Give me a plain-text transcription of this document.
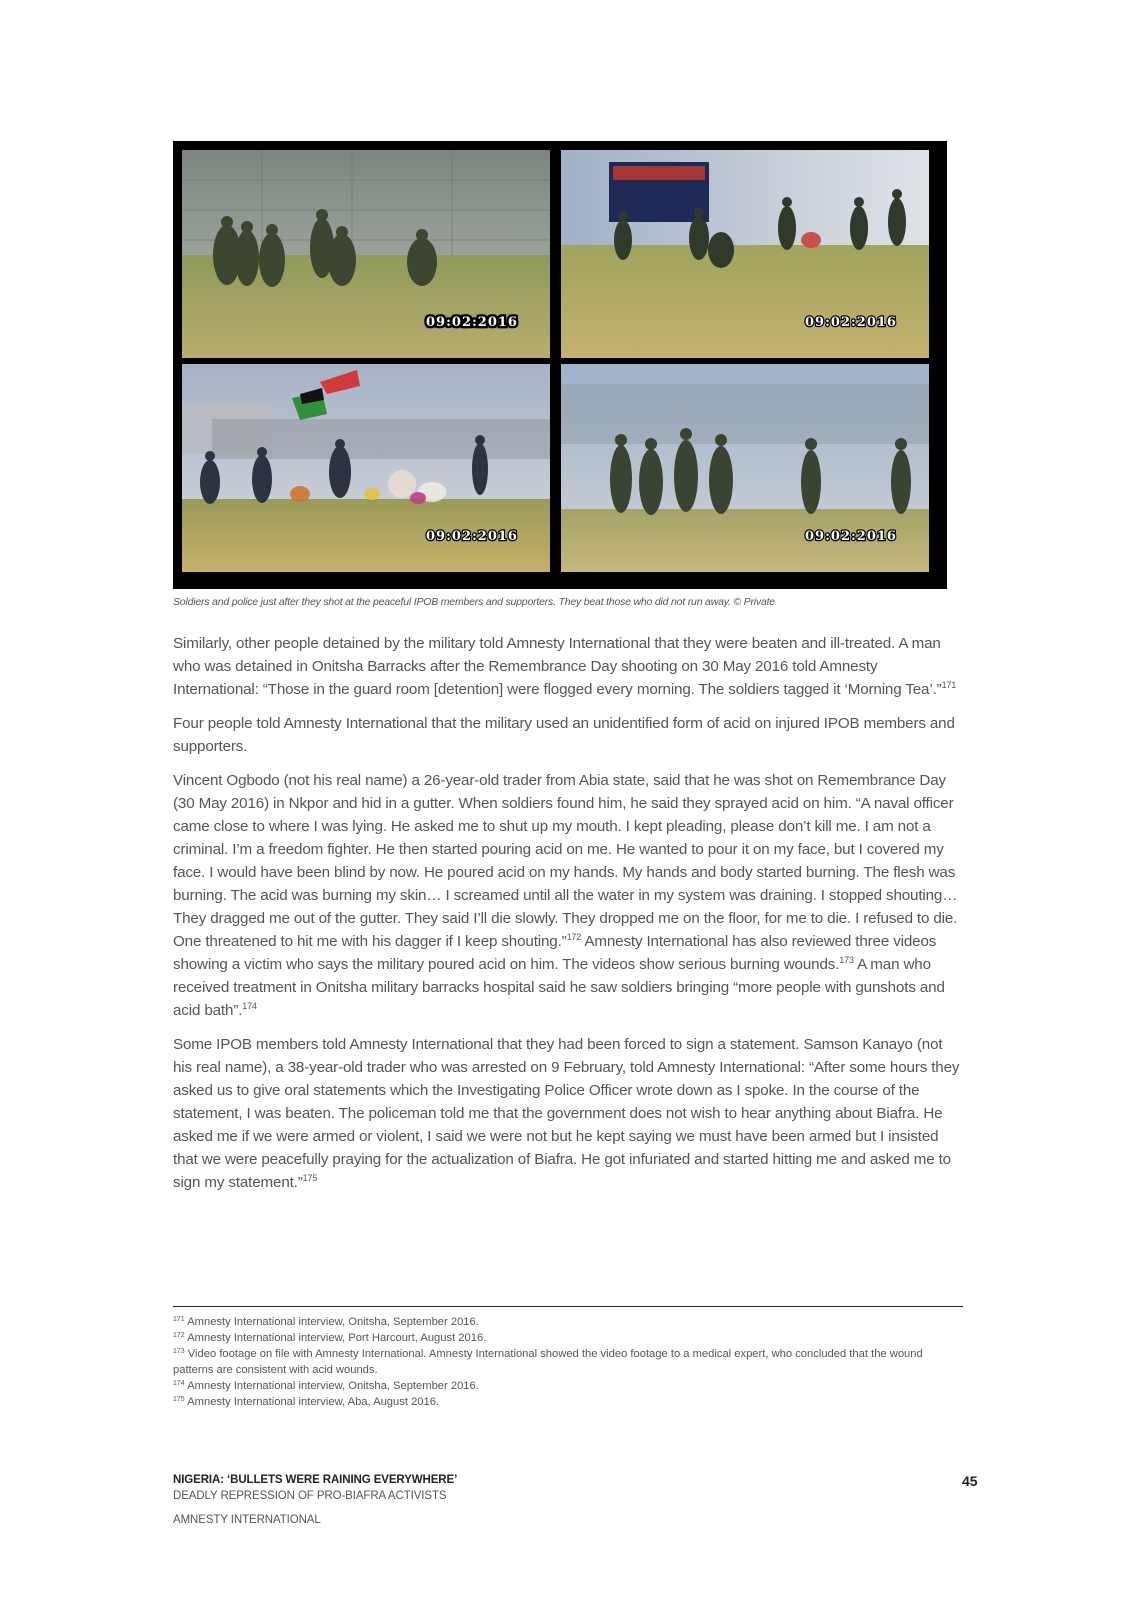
09:02:2016	09:02:2016
09:02:2016	09:02:2016
Soldiers and police just after they shot at the peaceful IPOB members and supporters. They beat those who did not run away. © Private

Similarly, other people detained by the military told Amnesty International that they were beaten and ill-treated. A man who was detained in Onitsha Barracks after the Remembrance Day shooting on 30 May 2016 told Amnesty International: “Those in the guard room [detention] were flogged every morning. The soldiers tagged it ‘Morning Tea’.”$^{171}$

Four people told Amnesty International that the military used an unidentified form of acid on injured IPOB members and supporters.

Vincent Ogbodo (not his real name) a 26-year-old trader from Abia state, said that he was shot on Remembrance Day (30 May 2016) in Nkpor and hid in a gutter. When soldiers found him, he said they sprayed acid on him. “A naval officer came close to where I was lying. He asked me to shut up my mouth. I kept pleading, please don’t kill me. I am not a criminal. I’m a freedom fighter. He then started pouring acid on me. He wanted to pour it on my face, but I covered my face. I would have been blind by now. He poured acid on my hands. My hands and body started burning. The flesh was burning. The acid was burning my skin… I screamed until all the water in my system was draining. I stopped shouting…They dragged me out of the gutter. They said I’ll die slowly. They dropped me on the floor, for me to die. I refused to die. One threatened to hit me with his dagger if I keep shouting.”$^{172}$ Amnesty International has also reviewed three videos showing a victim who says the military poured acid on him. The videos show serious burning wounds.$^{173}$ A man who received treatment in Onitsha military barracks hospital said he saw soldiers bringing “more people with gunshots and acid bath”.$^{174}$

Some IPOB members told Amnesty International that they had been forced to sign a statement. Samson Kanayo (not his real name), a 38-year-old trader who was arrested on 9 February, told Amnesty International: “After some hours they asked us to give oral statements which the Investigating Police Officer wrote down as I spoke. In the course of the statement, I was beaten. The policeman told me that the government does not wish to hear anything about Biafra. He asked me if we were armed or violent, I said we were not but he kept saying we must have been armed but I insisted that we were peacefully praying for the actualization of Biafra. He got infuriated and started hitting me and asked me to sign my statement.”$^{175}$

$^{171}$ Amnesty International interview, Onitsha, September 2016.
$^{172}$ Amnesty International interview, Port Harcourt, August 2016.
$^{173}$ Video footage on file with Amnesty International. Amnesty International showed the video footage to a medical expert, who concluded that the wound patterns are consistent with acid wounds.
$^{174}$ Amnesty International interview, Onitsha, September 2016.
$^{175}$ Amnesty International interview, Aba, August 2016.
NIGERIA: ‘BULLETS WERE RAINING EVERYWHERE’
DEADLY REPRESSION OF PRO-BIAFRA ACTIVISTS
AMNESTY INTERNATIONAL
45
